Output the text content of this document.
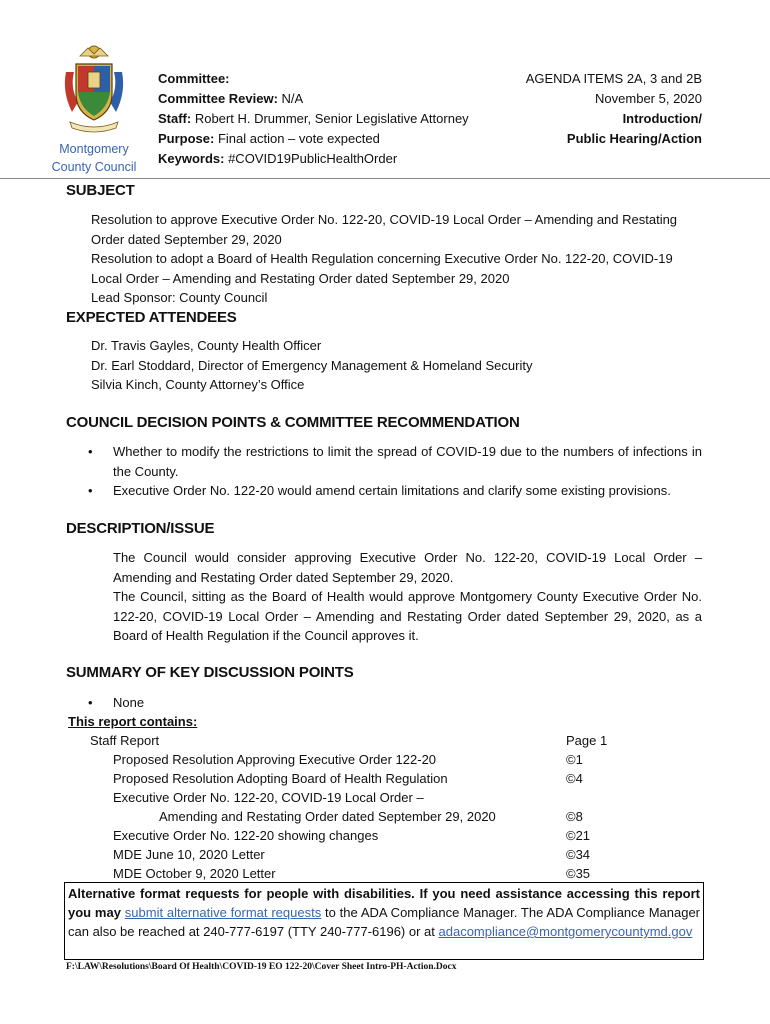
Montgomery
County Council
Committee:
Committee Review: N/A
Staff: Robert H. Drummer, Senior Legislative Attorney
Purpose: Final action – vote expected
Keywords: #COVID19PublicHealthOrder
AGENDA ITEMS 2A, 3 and 2B
November 5, 2020
Introduction/
Public Hearing/Action
SUBJECT
Resolution to approve Executive Order No. 122-20, COVID-19 Local Order – Amending and Restating
Order dated September 29, 2020
Resolution to adopt a Board of Health Regulation concerning Executive Order No. 122-20, COVID-19
Local Order – Amending and Restating Order dated September 29, 2020
Lead Sponsor: County Council
EXPECTED ATTENDEES
Dr. Travis Gayles, County Health Officer
Dr. Earl Stoddard, Director of Emergency Management & Homeland Security
Silvia Kinch, County Attorney’s Office
COUNCIL DECISION POINTS & COMMITTEE RECOMMENDATION
• Whether to modify the restrictions to limit the spread of COVID-19 due to the numbers of infections in the County.
• Executive Order No. 122-20 would amend certain limitations and clarify some existing provisions.
DESCRIPTION/ISSUE
The Council would consider approving Executive Order No. 122-20, COVID-19 Local Order – Amending and Restating Order dated September 29, 2020.
The Council, sitting as the Board of Health would approve Montgomery County Executive Order No. 122-20, COVID-19 Local Order – Amending and Restating Order dated September 29, 2020, as a Board of Health Regulation if the Council approves it.
SUMMARY OF KEY DISCUSSION POINTS
• None
This report contains:
Staff Report	Page 1
Proposed Resolution Approving Executive Order 122-20	©1
Proposed Resolution Adopting Board of Health Regulation	©4
Executive Order No. 122-20, COVID-19 Local Order –
Amending and Restating Order dated September 29, 2020	©8
Executive Order No. 122-20 showing changes	©21
MDE June 10, 2020 Letter	©34
MDE October 9, 2020 Letter	©35
Alternative format requests for people with disabilities. If you need assistance accessing this report you may submit alternative format requests to the ADA Compliance Manager. The ADA Compliance Manager can also be reached at 240-777-6197 (TTY 240-777-6196) or at adacompliance@montgomerycountymd.gov
F:\LAW\Resolutions\Board Of Health\COVID-19 EO 122-20\Cover Sheet Intro-PH-Action.Docx
